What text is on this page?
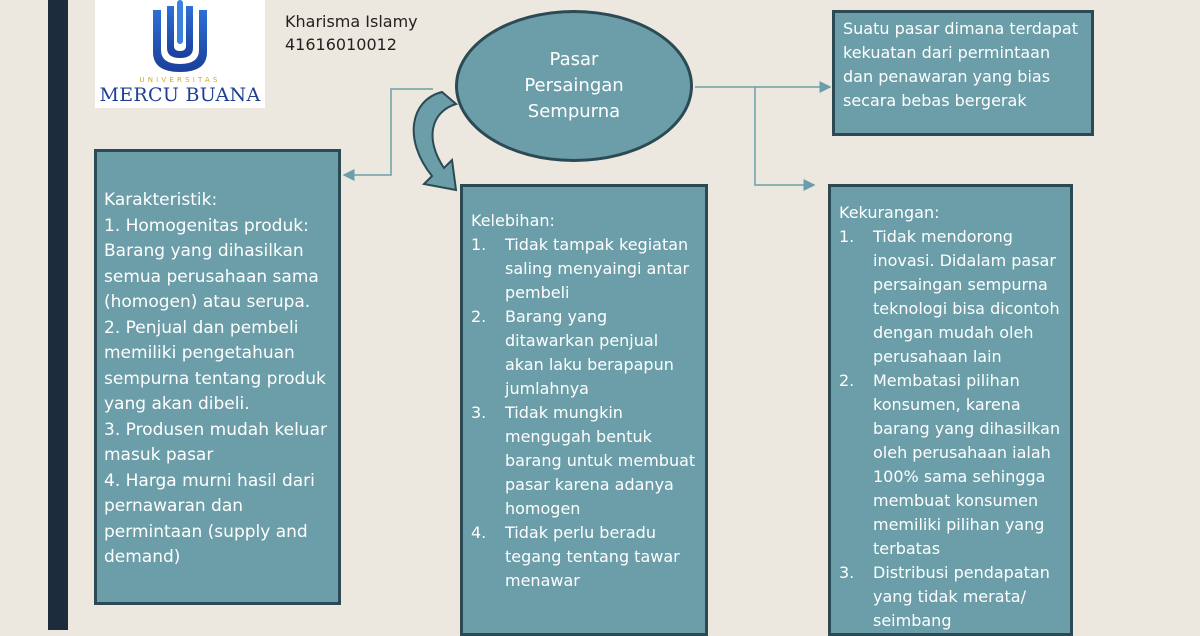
UNIVERSITAS
MERCU BUANA
Kharisma Islamy
41616010012
Pasar
Persaingan
Sempurna
Suatu pasar dimana terdapat kekuatan dari permintaan dan penawaran yang bias secara bebas bergerak
Karakteristik:
1. Homogenitas produk: Barang yang dihasilkan semua perusahaan sama (homogen) atau serupa.
2. Penjual dan pembeli memiliki pengetahuan sempurna tentang produk yang akan dibeli.
3. Produsen mudah keluar masuk pasar
4. Harga murni hasil dari pernawaran dan permintaan (supply and demand)
Kelebihan:
1.	Tidak tampak kegiatan saling menyaingi antar pembeli
2.	Barang yang ditawarkan penjual akan laku berapapun jumlahnya
3.	Tidak mungkin mengugah bentuk barang untuk membuat pasar karena adanya homogen
4.	Tidak perlu beradu tegang tentang tawar menawar
Kekurangan:
1.	Tidak mendorong inovasi. Didalam pasar persaingan sempurna teknologi bisa dicontoh dengan mudah oleh perusahaan lain
2.	Membatasi pilihan konsumen, karena barang yang dihasilkan oleh perusahaan ialah 100% sama sehingga membuat konsumen memiliki pilihan yang terbatas
3.	Distribusi pendapatan yang tidak merata/ seimbang
